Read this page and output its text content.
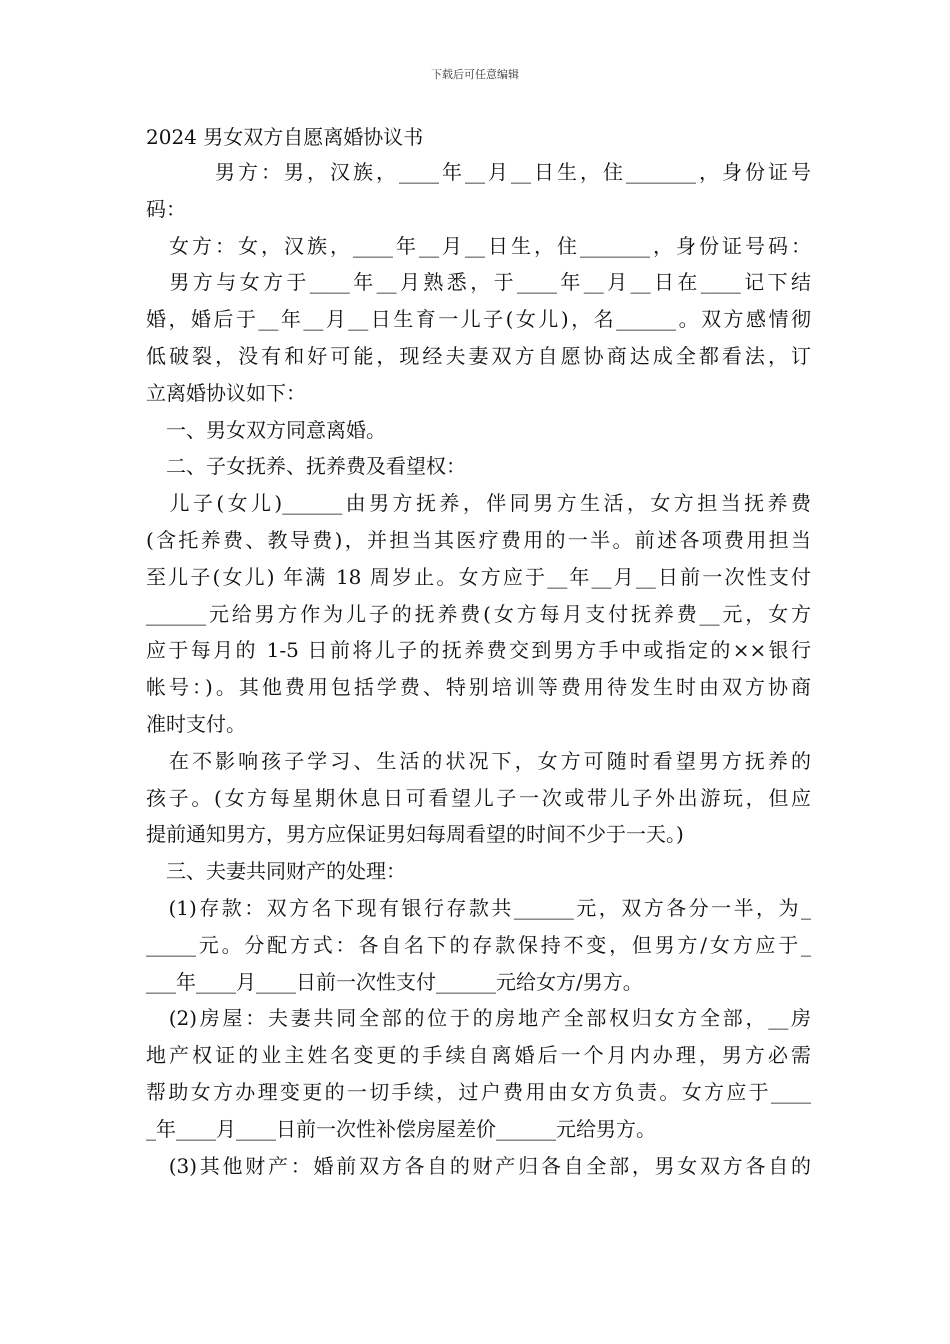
下载后可任意编辑
2024 男女双方自愿离婚协议书
　　　男方：男，汉族，____年__月__日生，住_______，身份证号
码：
　女方：女，汉族，____年__月__日生，住_______，身份证号码：
　男方与女方于____年__月熟悉，于____年__月__日在____记下结
婚，婚后于__年__月__日生育一儿子(女儿)，名______。双方感情彻
低破裂，没有和好可能，现经夫妻双方自愿协商达成全都看法，订
立离婚协议如下：
　一、男女双方同意离婚。
　二、子女抚养、抚养费及看望权：
　儿子(女儿)______由男方抚养，伴同男方生活，女方担当抚养费
(含托养费、教导费)，并担当其医疗费用的一半。前述各项费用担当
至儿子(女儿) 年满 18 周岁止。女方应于__年__月__日前一次性支付
______元给男方作为儿子的抚养费(女方每月支付抚养费__元，女方
应于每月的 1-5 日前将儿子的抚养费交到男方手中或指定的××银行
帐号：)。其他费用包括学费、特别培训等费用待发生时由双方协商
准时支付。
　在不影响孩子学习、生活的状况下，女方可随时看望男方抚养的
孩子。(女方每星期休息日可看望儿子一次或带儿子外出游玩，但应
提前通知男方，男方应保证男妇每周看望的时间不少于一天。)
　三、夫妻共同财产的处理：
　(1)存款：双方名下现有银行存款共______元，双方各分一半，为_
_____元。分配方式：各自名下的存款保持不变，但男方/女方应于_
___年____月____日前一次性支付______元给女方/男方。
　(2)房屋：夫妻共同全部的位于的房地产全部权归女方全部，__房
地产权证的业主姓名变更的手续自离婚后一个月内办理，男方必需
帮助女方办理变更的一切手续，过户费用由女方负责。女方应于____
_年____月____日前一次性补偿房屋差价______元给男方。
　(3)其他财产：婚前双方各自的财产归各自全部，男女双方各自的
